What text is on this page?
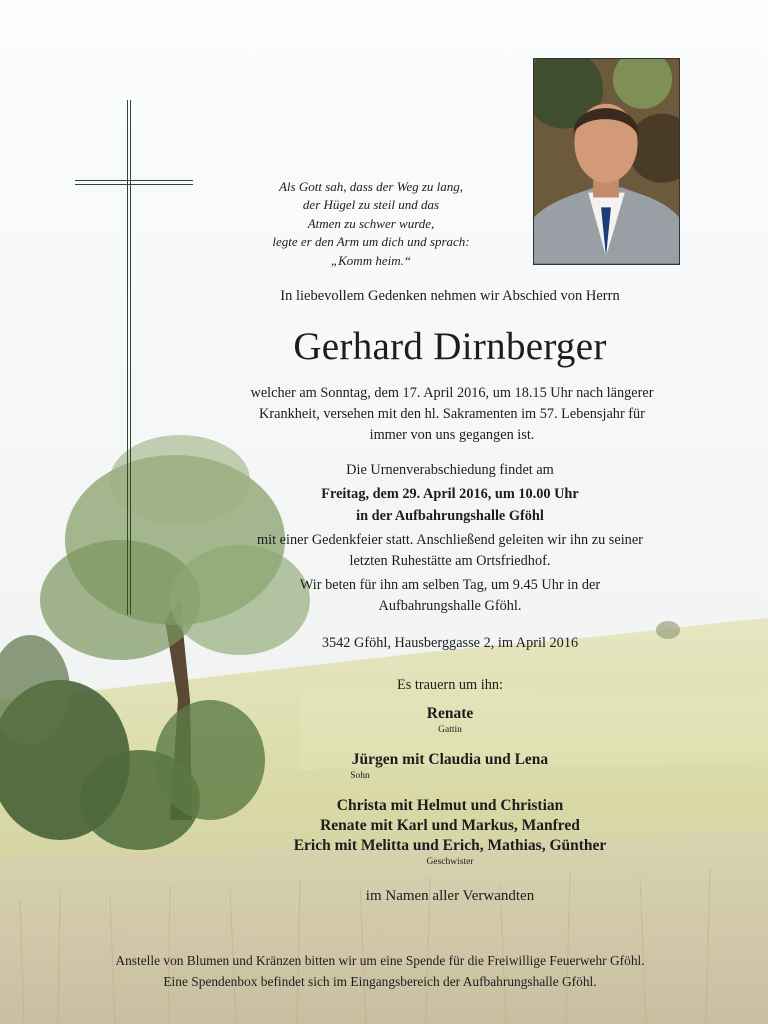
Als Gott sah, dass der Weg zu lang,
der Hügel zu steil und das
Atmen zu schwer wurde,
legte er den Arm um dich und sprach:
„Komm heim.“
In liebevollem Gedenken nehmen wir Abschied von Herrn
Gerhard Dirnberger
welcher am Sonntag, dem 17. April 2016, um 18.15 Uhr nach längerer
Krankheit, versehen mit den hl. Sakramenten im 57. Lebensjahr für
immer von uns gegangen ist.
Die Urnenverabschiedung findet am
Freitag, dem 29. April 2016, um 10.00 Uhr
in der Aufbahrungshalle Gföhl
mit einer Gedenkfeier statt. Anschließend geleiten wir ihn zu seiner
letzten Ruhestätte am Ortsfriedhof.
Wir beten für ihn am selben Tag, um 9.45 Uhr in der
Aufbahrungshalle Gföhl.
3542 Gföhl, Hausberggasse 2, im April 2016
Es trauern um ihn:
Renate
Gattin
Jürgen mit Claudia und Lena
Sohn
Christa mit Helmut und Christian
Renate mit Karl und Markus, Manfred
Erich mit Melitta und Erich, Mathias, Günther
Geschwister
im Namen aller Verwandten
Anstelle von Blumen und Kränzen bitten wir um eine Spende für die Freiwillige Feuerwehr Gföhl.
Eine Spendenbox befindet sich im Eingangsbereich der Aufbahrungshalle Gföhl.
